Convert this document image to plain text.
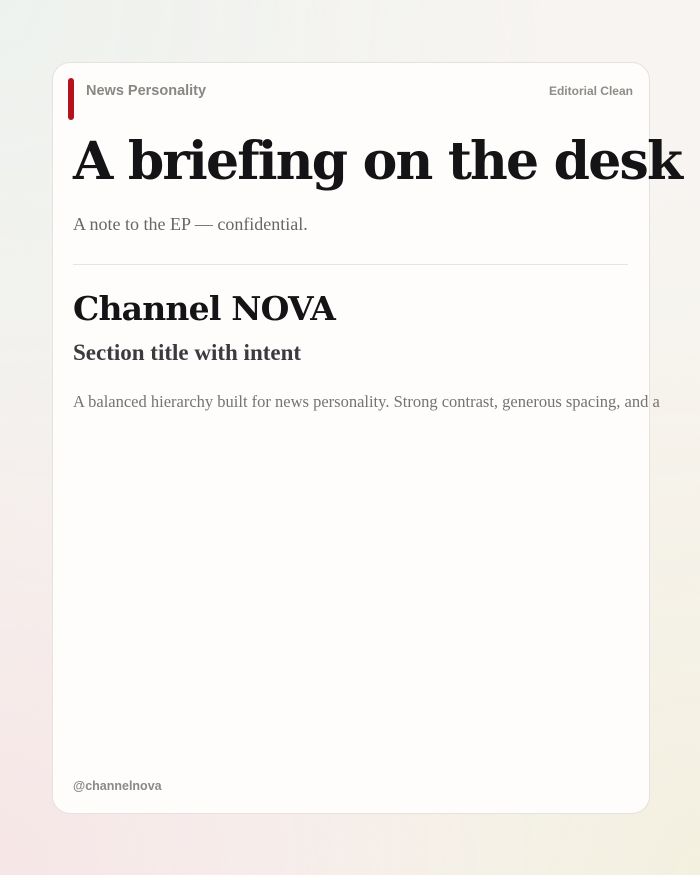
News Personality	Editorial Clean
A briefing on the desk
A note to the EP — confidential.
Channel NOVA
Section title with intent
A balanced hierarchy built for news personality. Strong contrast, generous spacing, and a
@channelnova
